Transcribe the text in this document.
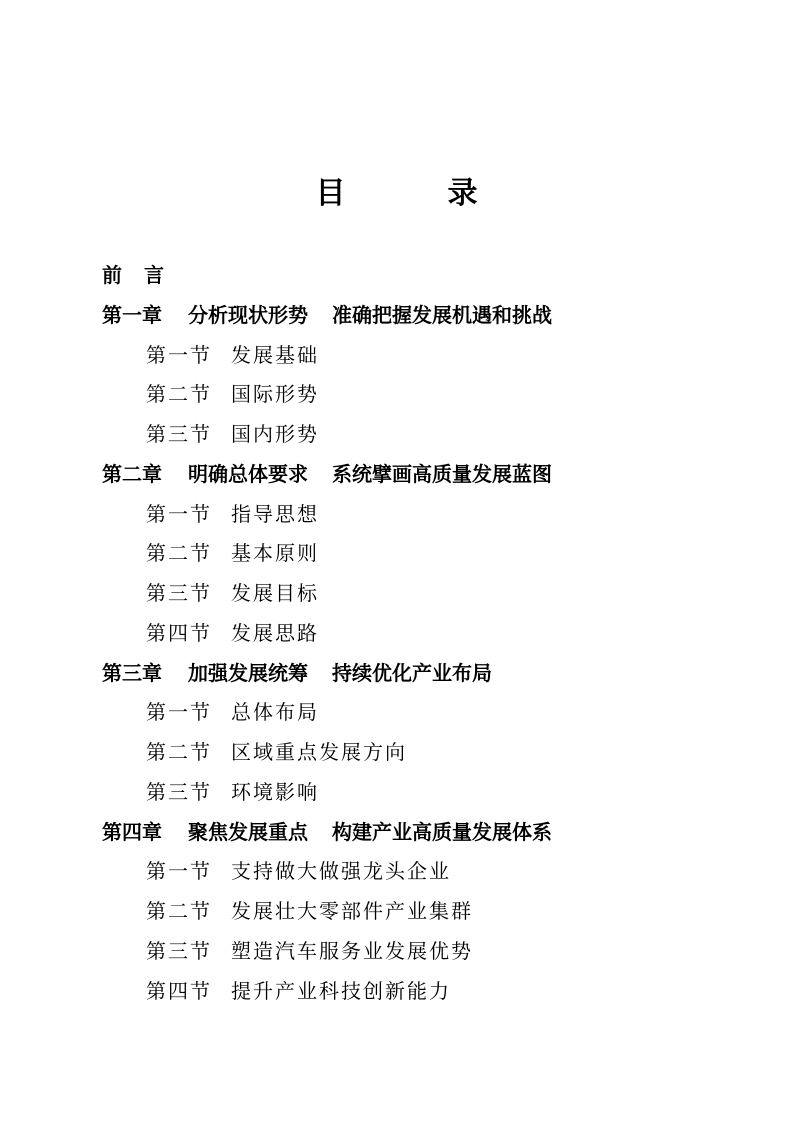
目　录
前言
第一章 分析现状形势 准确把握发展机遇和挑战
第一节 发展基础
第二节 国际形势
第三节 国内形势
第二章 明确总体要求 系统擘画高质量发展蓝图
第一节 指导思想
第二节 基本原则
第三节 发展目标
第四节 发展思路
第三章 加强发展统筹 持续优化产业布局
第一节 总体布局
第二节 区域重点发展方向
第三节 环境影响
第四章 聚焦发展重点 构建产业高质量发展体系
第一节 支持做大做强龙头企业
第二节 发展壮大零部件产业集群
第三节 塑造汽车服务业发展优势
第四节 提升产业科技创新能力
